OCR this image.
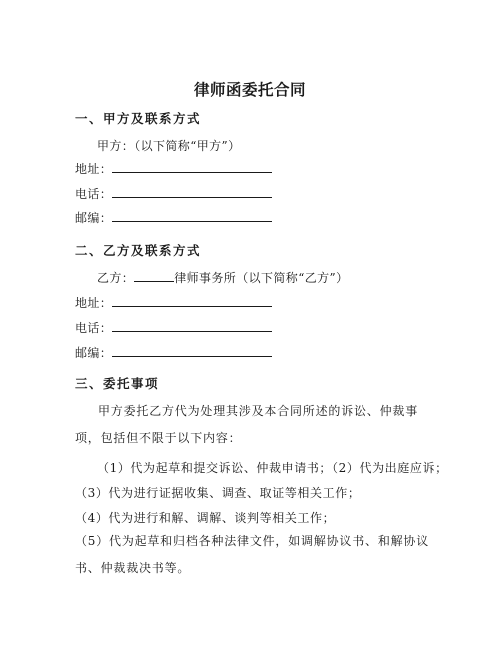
律师函委托合同
一、甲方及联系方式
甲方：（以下简称“甲方”）
地址：
电话：
邮编：
二、乙方及联系方式
乙方：	律师事务所（以下简称“乙方”）
地址：
电话：
邮编：
三、委托事项
甲方委托乙方代为处理其涉及本合同所述的诉讼、仲裁事项，包括但不限于以下内容：
（1）代为起草和提交诉讼、仲裁申请书；（2）代为出庭应诉；
（3）代为进行证据收集、调查、取证等相关工作；
（4）代为进行和解、调解、谈判等相关工作；
（5）代为起草和归档各种法律文件，如调解协议书、和解协议书、仲裁裁决书等。
